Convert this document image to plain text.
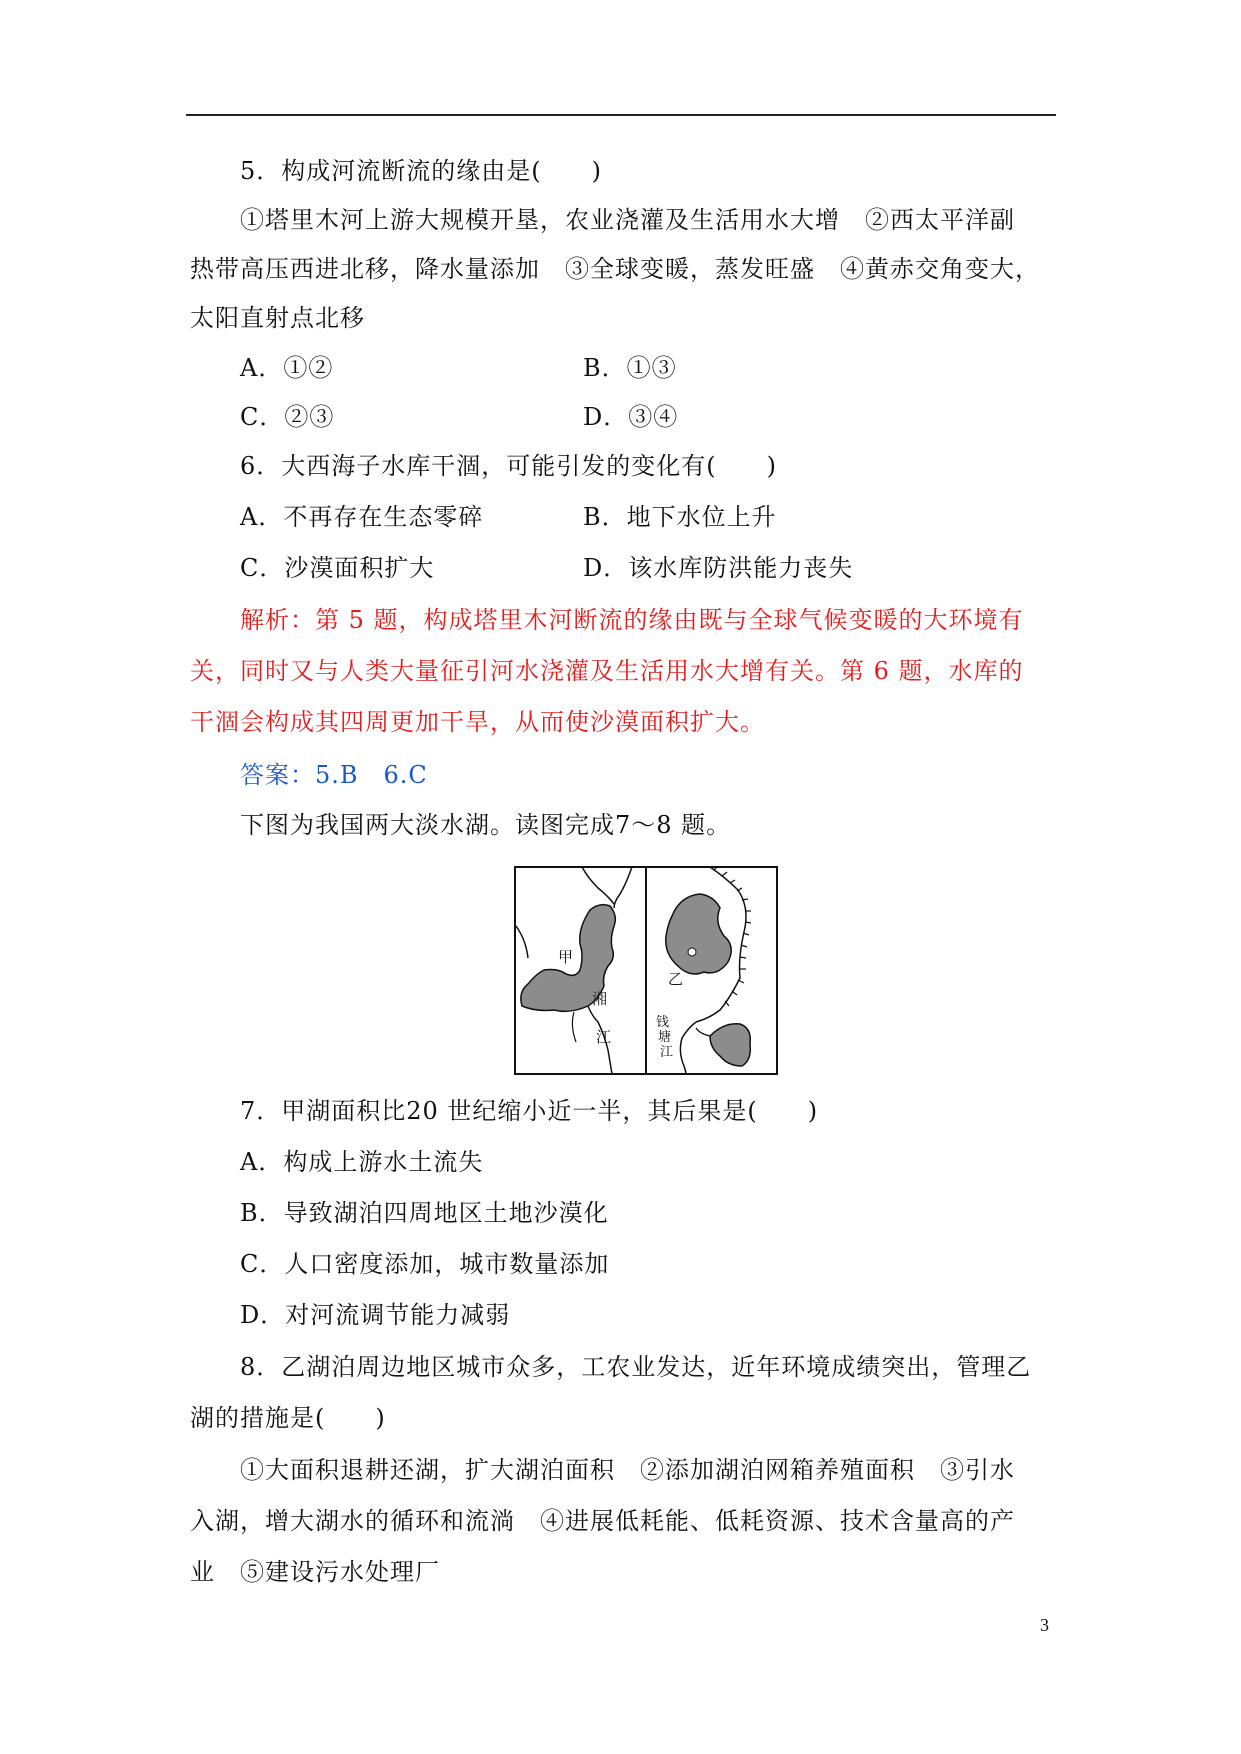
5．构成河流断流的缘由是(　　)
①塔里木河上游大规模开垦，农业浇灌及生活用水大增　②西太平洋副
热带高压西进北移，降水量添加　③全球变暖，蒸发旺盛　④黄赤交角变大，
太阳直射点北移
A．①②	B．①③
C．②③	D．③④
6．大西海子水库干涸，可能引发的变化有(　　)
A．不再存在生态零碎	B．地下水位上升
C．沙漠面积扩大	D．该水库防洪能力丧失
解析：第 5 题，构成塔里木河断流的缘由既与全球气候变暖的大环境有
关，同时又与人类大量征引河水浇灌及生活用水大增有关。第 6 题，水库的
干涸会构成其四周更加干旱，从而使沙漠面积扩大。
答案：5.B　6.C
下图为我国两大淡水湖。读图完成7～8 题。
甲
湘
江
乙
钱
塘
江
7．甲湖面积比20 世纪缩小近一半，其后果是(　　)
A．构成上游水土流失
B．导致湖泊四周地区土地沙漠化
C．人口密度添加，城市数量添加
D．对河流调节能力减弱
8．乙湖泊周边地区城市众多，工农业发达，近年环境成绩突出，管理乙
湖的措施是(　　)
①大面积退耕还湖，扩大湖泊面积　②添加湖泊网箱养殖面积　③引水
入湖，增大湖水的循环和流淌　④进展低耗能、低耗资源、技术含量高的产
业　⑤建设污水处理厂
3
